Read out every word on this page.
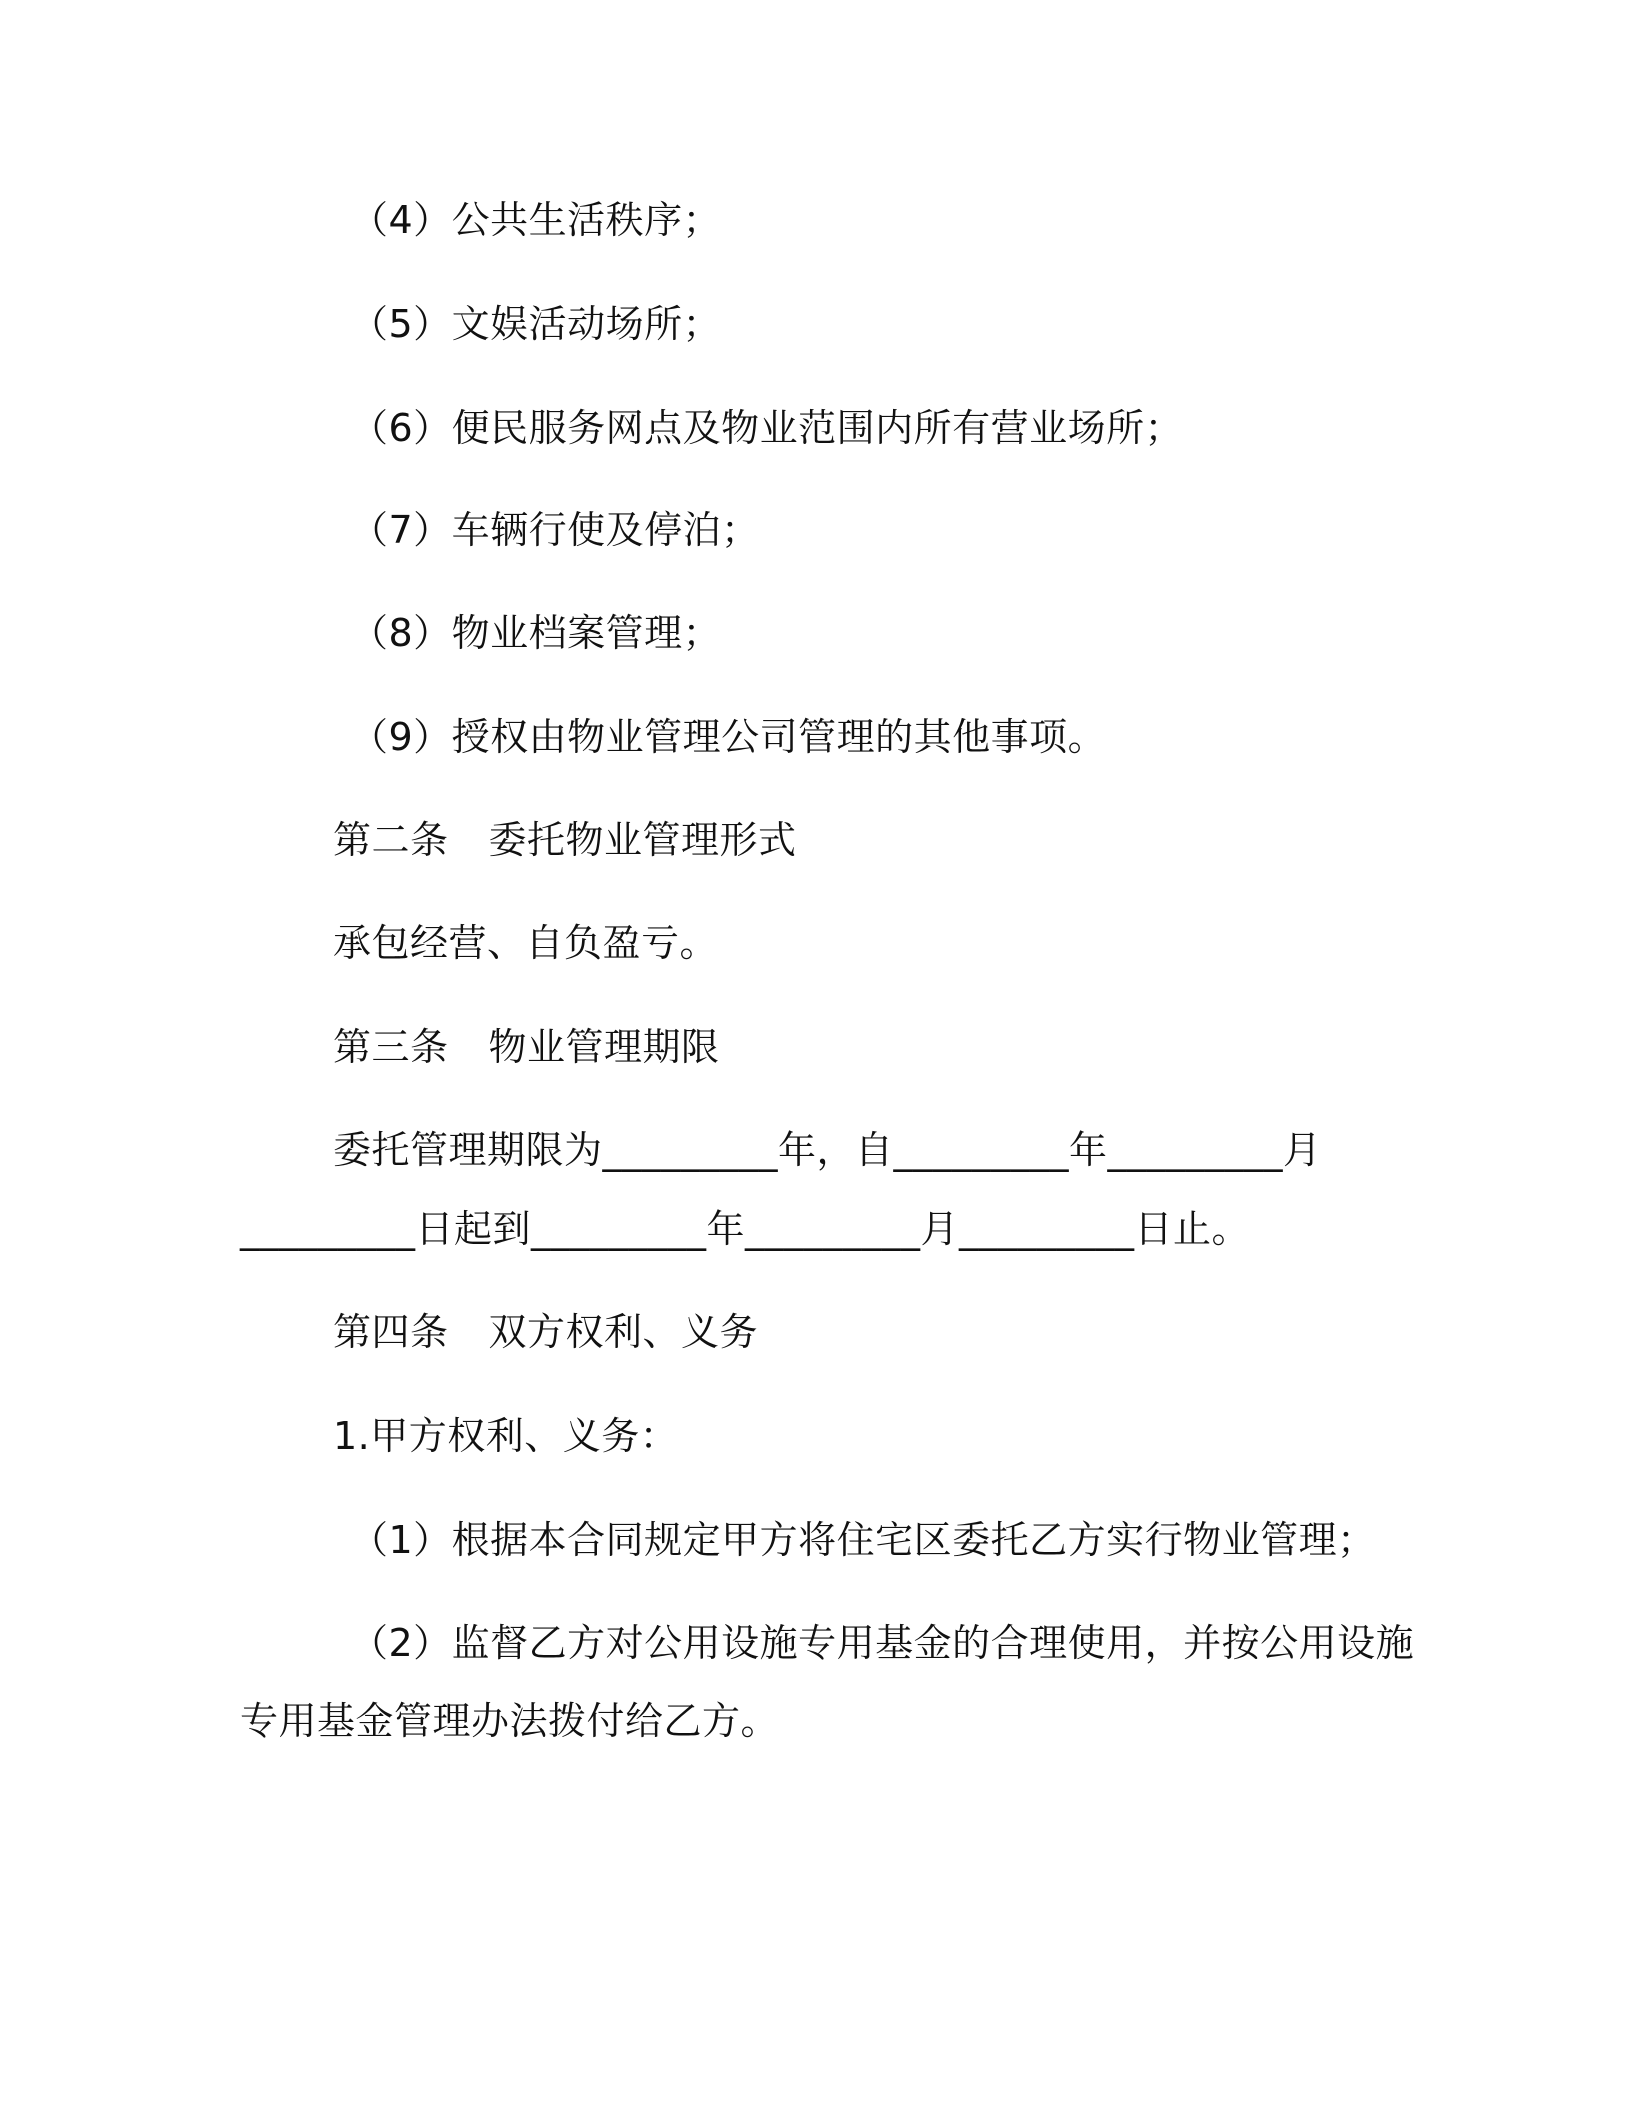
（4）公共生活秩序；
（5）文娱活动场所；
（6）便民服务网点及物业范围内所有营业场所；
（7）车辆行使及停泊；
（8）物业档案管理；
（9）授权由物业管理公司管理的其他事项。
第二条 委托物业管理形式
承包经营、自负盈亏。
第三条 物业管理期限
委托管理期限为_________年，自_________年_________月
_________日起到_________年_________月_________日止。
第四条 双方权利、义务
1.甲方权利、义务：
（1）根据本合同规定甲方将住宅区委托乙方实行物业管理；
（2）监督乙方对公用设施专用基金的合理使用，并按公用设施
专用基金管理办法拨付给乙方。
